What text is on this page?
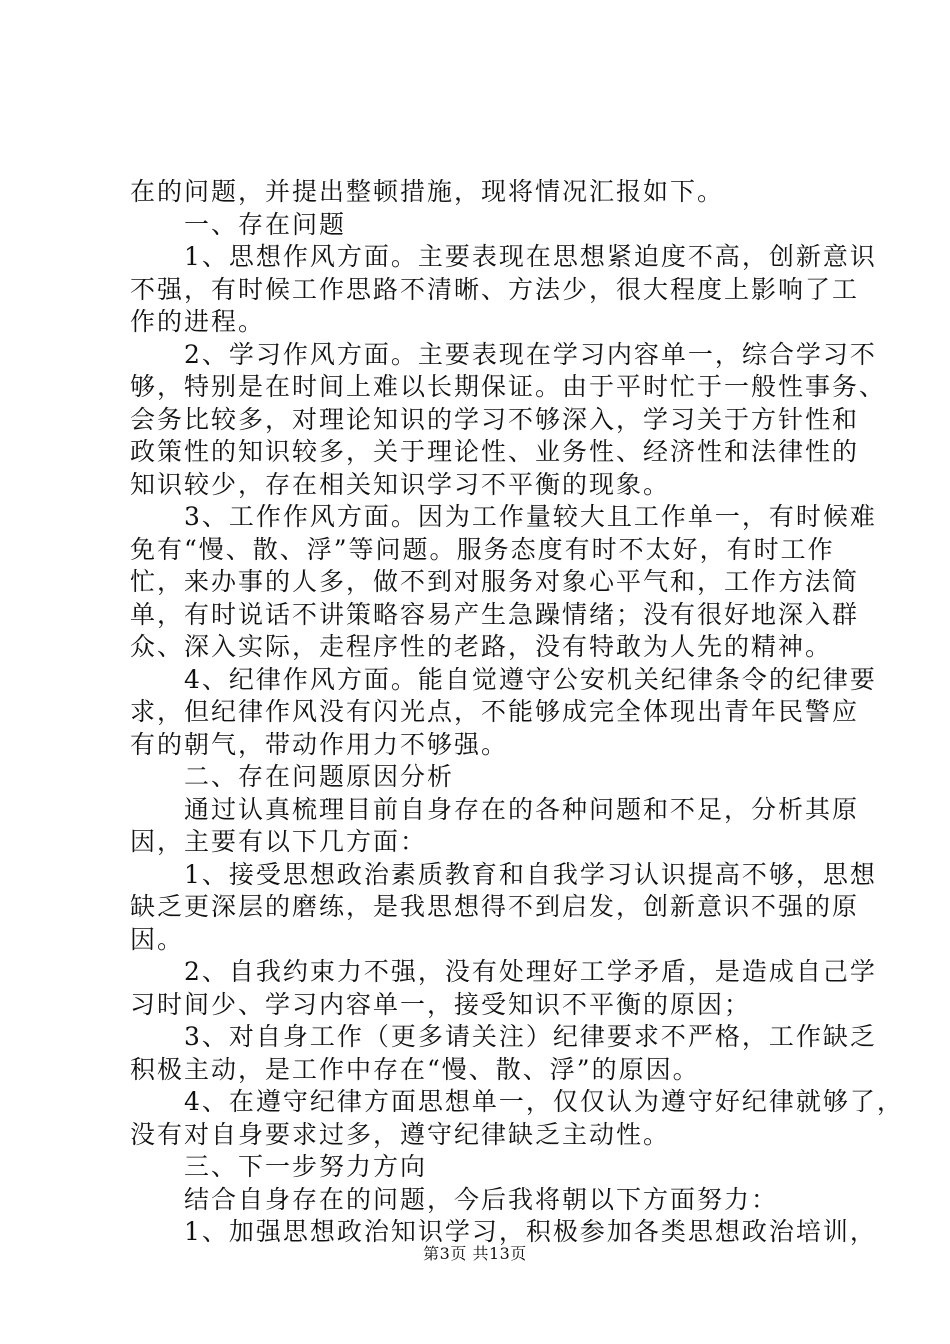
在的问题，并提出整顿措施，现将情况汇报如下。
　　一、存在问题
　　1、思想作风方面。主要表现在思想紧迫度不高，创新意识
不强，有时候工作思路不清晰、方法少，很大程度上影响了工
作的进程。
　　2、学习作风方面。主要表现在学习内容单一，综合学习不
够，特别是在时间上难以长期保证。由于平时忙于一般性事务、
会务比较多，对理论知识的学习不够深入，学习关于方针性和
政策性的知识较多，关于理论性、业务性、经济性和法律性的
知识较少，存在相关知识学习不平衡的现象。
　　3、工作作风方面。因为工作量较大且工作单一，有时候难
免有“慢、散、浮”等问题。服务态度有时不太好，有时工作
忙，来办事的人多，做不到对服务对象心平气和，工作方法简
单，有时说话不讲策略容易产生急躁情绪；没有很好地深入群
众、深入实际，走程序性的老路，没有特敢为人先的精神。
　　4、纪律作风方面。能自觉遵守公安机关纪律条令的纪律要
求，但纪律作风没有闪光点，不能够成完全体现出青年民警应
有的朝气，带动作用力不够强。
　　二、存在问题原因分析
　　通过认真梳理目前自身存在的各种问题和不足，分析其原
因，主要有以下几方面：
　　1、接受思想政治素质教育和自我学习认识提高不够，思想
缺乏更深层的磨练，是我思想得不到启发，创新意识不强的原
因。
　　2、自我约束力不强，没有处理好工学矛盾，是造成自己学
习时间少、学习内容单一，接受知识不平衡的原因；
　　3、对自身工作（更多请关注）纪律要求不严格，工作缺乏
积极主动，是工作中存在“慢、散、浮”的原因。
　　4、在遵守纪律方面思想单一，仅仅认为遵守好纪律就够了，
没有对自身要求过多，遵守纪律缺乏主动性。
　　三、下一步努力方向
　　结合自身存在的问题，今后我将朝以下方面努力：
　　1、加强思想政治知识学习，积极参加各类思想政治培训，
第3页 共13页
